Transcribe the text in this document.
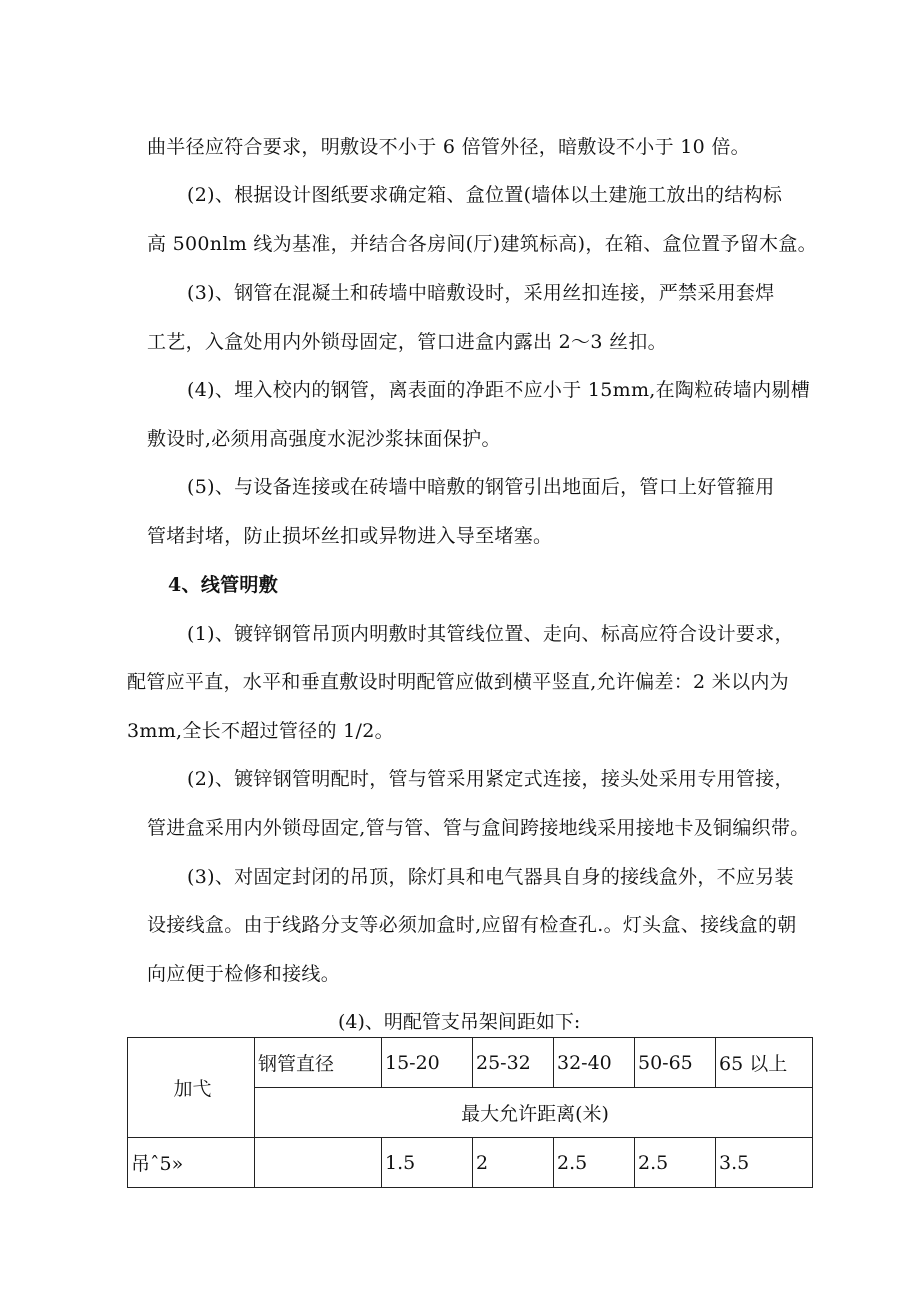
曲半径应符合要求，明敷设不小于 6 倍管外径，暗敷设不小于 10 倍。
(2)、根据设计图纸要求确定箱、盒位置(墙体以土建施工放出的结构标
高 500nlm 线为基准，并结合各房间(厅)建筑标高)，在箱、盒位置予留木盒。
(3)、钢管在混凝土和砖墙中暗敷设时，采用丝扣连接，严禁采用套焊
工艺，入盒处用内外锁母固定，管口进盒内露出 2～3 丝扣。
(4)、埋入校内的钢管，离表面的净距不应小于 15mm,在陶粒砖墙内剔槽
敷设时,必须用高强度水泥沙浆抹面保护。
(5)、与设备连接或在砖墙中暗敷的钢管引出地面后，管口上好管箍用
管堵封堵，防止损坏丝扣或异物进入导至堵塞。
4、线管明敷
(1)、镀锌钢管吊顶内明敷时其管线位置、走向、标高应符合设计要求，
配管应平直，水平和垂直敷设时明配管应做到横平竖直,允许偏差：2 米以内为
3mm,全长不超过管径的 1/2。
(2)、镀锌钢管明配时，管与管采用紧定式连接，接头处采用专用管接，
管进盒采用内外锁母固定,管与管、管与盒间跨接地线采用接地卡及铜编织带。
(3)、对固定封闭的吊顶，除灯具和电气器具自身的接线盒外，不应另装
设接线盒。由于线路分支等必须加盒时,应留有检查孔.。灯头盒、接线盒的朝
向应便于检修和接线。
(4)、明配管支吊架间距如下:
加弋	钢管直径	15-20	25-32	32-40	50-65	65 以上
	最大允许距离(米)					
吊ˆ5»		1.5	2	2.5	2.5	3.5
